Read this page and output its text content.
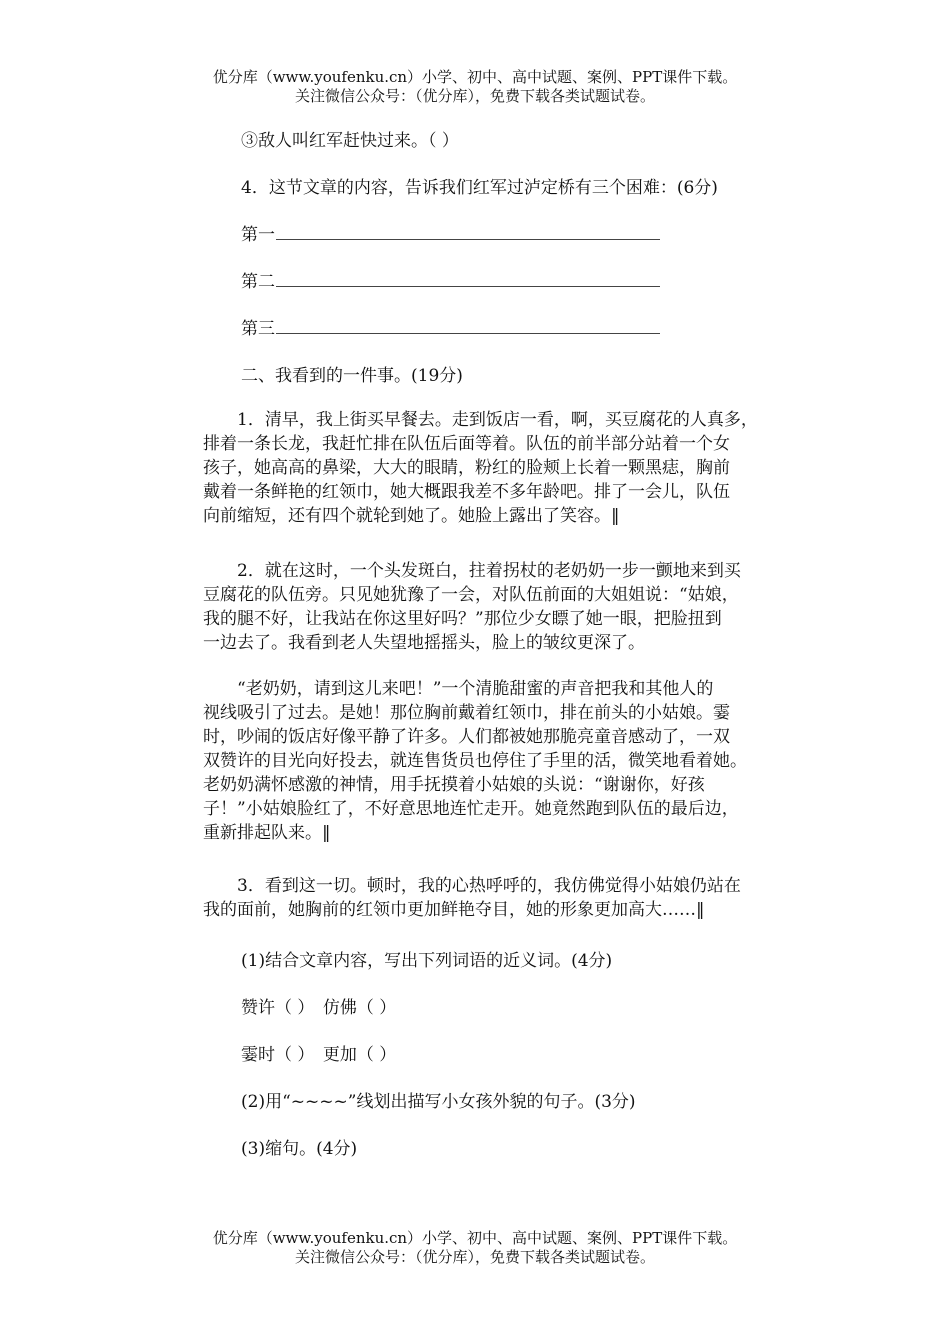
优分库（www.youfenku.cn）小学、初中、高中试题、案例、PPT课件下载。
关注微信公众号：（优分库），免费下载各类试题试卷。
③敌人叫红军赶快过来。（ ）
4．这节文章的内容，告诉我们红军过泸定桥有三个困难：(6分)
第一
第二
第三
二、我看到的一件事。(19分)
　　1．清早，我上街买早餐去。走到饭店一看，啊，买豆腐花的人真多，
排着一条长龙，我赶忙排在队伍后面等着。队伍的前半部分站着一个女
孩子，她高高的鼻梁，大大的眼睛，粉红的脸颊上长着一颗黑痣，胸前
戴着一条鲜艳的红领巾，她大概跟我差不多年龄吧。排了一会儿，队伍
向前缩短，还有四个就轮到她了。她脸上露出了笑容。‖
　　2．就在这时，一个头发斑白，拄着拐杖的老奶奶一步一颤地来到买
豆腐花的队伍旁。只见她犹豫了一会，对队伍前面的大姐姐说：“姑娘，
我的腿不好，让我站在你这里好吗？”那位少女瞟了她一眼，把脸扭到
一边去了。我看到老人失望地摇摇头，脸上的皱纹更深了。
　　“老奶奶，请到这儿来吧！”一个清脆甜蜜的声音把我和其他人的
视线吸引了过去。是她！那位胸前戴着红领巾，排在前头的小姑娘。霎
时，吵闹的饭店好像平静了许多。人们都被她那脆亮童音感动了，一双
双赞许的目光向好投去，就连售货员也停住了手里的活，微笑地看着她。
老奶奶满怀感激的神情，用手抚摸着小姑娘的头说：“谢谢你，好孩
子！”小姑娘脸红了，不好意思地连忙走开。她竟然跑到队伍的最后边，
重新排起队来。‖
　　3．看到这一切。顿时，我的心热呼呼的，我仿佛觉得小姑娘仍站在
我的面前，她胸前的红领巾更加鲜艳夺目，她的形象更加高大……‖
(1)结合文章内容，写出下列词语的近义词。(4分)
赞许（ ）　仿佛（ ）
霎时（ ）　更加（ ）
(2)用“~~~~”线划出描写小女孩外貌的句子。(3分)
(3)缩句。(4分)
优分库（www.youfenku.cn）小学、初中、高中试题、案例、PPT课件下载。
关注微信公众号：（优分库），免费下载各类试题试卷。
